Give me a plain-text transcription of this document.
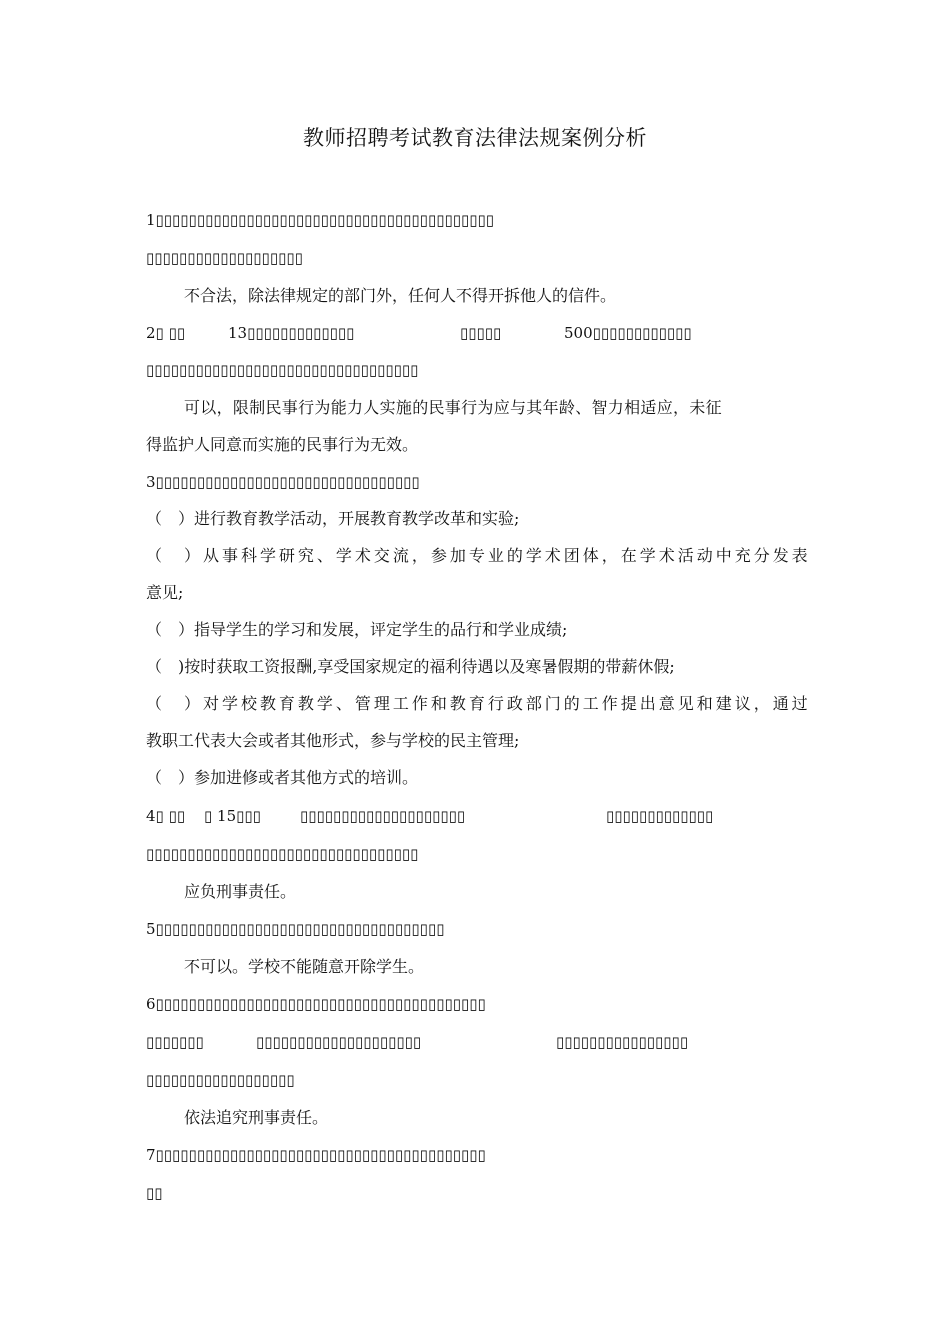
教师招聘考试教育法律法规案例分析
1▯▯▯▯▯▯▯▯▯▯▯▯▯▯▯▯▯▯▯▯▯▯▯▯▯▯▯▯▯▯▯▯▯▯▯▯▯▯▯▯▯
▯▯▯▯▯▯▯▯▯▯▯▯▯▯▯▯▯▯▯
不合法，除法律规定的部门外，任何人不得开拆他人的信件。
2▯ ▯▯	13▯▯▯▯▯▯▯▯▯▯▯▯▯	▯▯▯▯▯	500▯▯▯▯▯▯▯▯▯▯▯▯
▯▯▯▯▯▯▯▯▯▯▯▯▯▯▯▯▯▯▯▯▯▯▯▯▯▯▯▯▯▯▯▯▯
可以，限制民事行为能力人实施的民事行为应与其年龄、智力相适应，未征
得监护人同意而实施的民事行为无效。
3▯▯▯▯▯▯▯▯▯▯▯▯▯▯▯▯▯▯▯▯▯▯▯▯▯▯▯▯▯▯▯▯
（　）进行教育教学活动，开展教育教学改革和实验;
（　）从事科学研究、学术交流，参加专业的学术团体，在学术活动中充分发表
意见;
（　）指导学生的学习和发展，评定学生的品行和学业成绩;
（　)按时获取工资报酬,享受国家规定的福利待遇以及寒暑假期的带薪休假;
（　）对学校教育教学、管理工作和教育行政部门的工作提出意见和建议，通过
教职工代表大会或者其他形式，参与学校的民主管理;
（　）参加进修或者其他方式的培训。
4▯ ▯▯ ▯ 15▯▯▯	▯▯▯▯▯▯▯▯▯▯▯▯▯▯▯▯▯▯▯▯	▯▯▯▯▯▯▯▯▯▯▯▯▯
▯▯▯▯▯▯▯▯▯▯▯▯▯▯▯▯▯▯▯▯▯▯▯▯▯▯▯▯▯▯▯▯▯
应负刑事责任。
5▯▯▯▯▯▯▯▯▯▯▯▯▯▯▯▯▯▯▯▯▯▯▯▯▯▯▯▯▯▯▯▯▯▯▯
不可以。学校不能随意开除学生。
6▯▯▯▯▯▯▯▯▯▯▯▯▯▯▯▯▯▯▯▯▯▯▯▯▯▯▯▯▯▯▯▯▯▯▯▯▯▯▯▯
▯▯▯▯▯▯▯	▯▯▯▯▯▯▯▯▯▯▯▯▯▯▯▯▯▯▯▯	▯▯▯▯▯▯▯▯▯▯▯▯▯▯▯▯
▯▯▯▯▯▯▯▯▯▯▯▯▯▯▯▯▯▯
依法追究刑事责任。
7▯▯▯▯▯▯▯▯▯▯▯▯▯▯▯▯▯▯▯▯▯▯▯▯▯▯▯▯▯▯▯▯▯▯▯▯▯▯▯▯
▯▯
